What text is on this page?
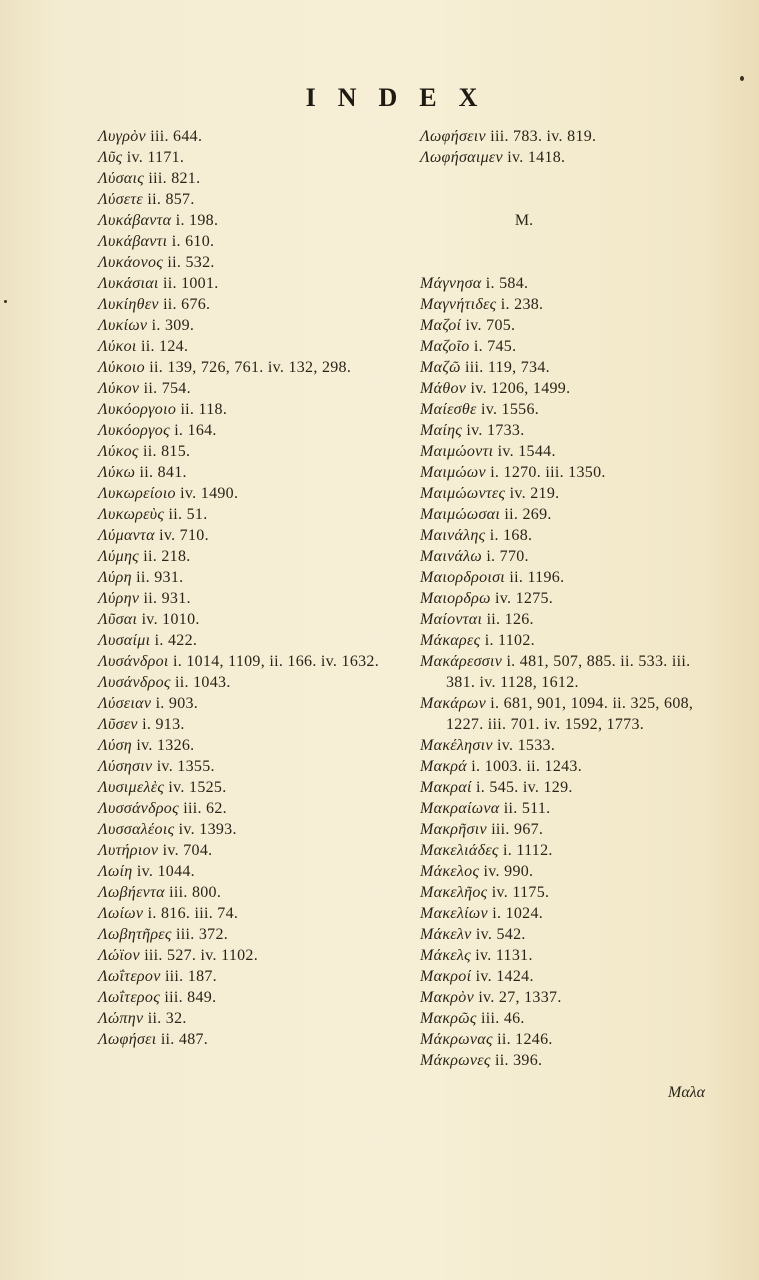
INDEX
Λυγρὸν iii. 644.
Λῦς iv. 1171.
Λύσαις iii. 821.
Λύσετε ii. 857.
Λυκάβαντα i. 198.
Λυκάβαντι i. 610.
Λυκάονος ii. 532.
Λυκάσιαι ii. 1001.
Λυκίηθεν ii. 676.
Λυκίων i. 309.
Λύκοι ii. 124.
Λύκοιο ii. 139, 726, 761. iv. 132, 298.
Λύκον ii. 754.
Λυκόοργοιο ii. 118.
Λυκόοργος i. 164.
Λύκος ii. 815.
Λύκω ii. 841.
Λυκωρείοιο iv. 1490.
Λυκωρεὺς ii. 51.
Λύμαντα iv. 710.
Λύμης ii. 218.
Λύρη ii. 931.
Λύρην ii. 931.
Λῦσαι iv. 1010.
Λυσαίμι i. 422.
Λυσάνδροι i. 1014, 1109, ii. 166. iv. 1632.
Λυσάνδρος ii. 1043.
Λύσειαν i. 903.
Λῦσεν i. 913.
Λύση iv. 1326.
Λύσησιν iv. 1355.
Λυσιμελὲς iv. 1525.
Λυσσάνδρος iii. 62.
Λυσσαλέοις iv. 1393.
Λυτήριον iv. 704.
Λωίη iv. 1044.
Λωβήεντα iii. 800.
Λωίων i. 816. iii. 74.
Λωβητῆρες iii. 372.
Λώϊον iii. 527. iv. 1102.
Λωΐτερον iii. 187.
Λωΐτερος iii. 849.
Λώπην ii. 32.
Λωφήσει ii. 487.
Λωφήσειν iii. 783. iv. 819.
Λωφήσαιμεν iv. 1418.
M.
Μάγνησα i. 584.
Μαγνήτιδες i. 238.
Μαζοί iv. 705.
Μαζοῖο i. 745.
Μαζῶ iii. 119, 734.
Μάθον iv. 1206, 1499.
Μαίεσθε iv. 1556.
Μαίης iv. 1733.
Μαιμώοντι iv. 1544.
Μαιμώων i. 1270. iii. 1350.
Μαιμώωντες iv. 219.
Μαιμώωσαι ii. 269.
Μαινάλης i. 168.
Μαινάλω i. 770.
Μαιορδροισι ii. 1196.
Μαιορδρω iv. 1275.
Μαίονται ii. 126.
Μάκαρες i. 1102.
Μακάρεσσιν i. 481, 507, 885. ii. 533. iii. 381. iv. 1128, 1612.
Μακάρων i. 681, 901, 1094. ii. 325, 608, 1227. iii. 701. iv. 1592, 1773.
Μακέλησιν iv. 1533.
Μακρά i. 1003. ii. 1243.
Μακραί i. 545. iv. 129.
Μακραίωνα ii. 511.
Μακρῆσιν iii. 967.
Μακελιάδες i. 1112.
Μάκελος iv. 990.
Μακελῆος iv. 1175.
Μακελίων i. 1024.
Μάκελν iv. 542.
Μάκελς iv. 1131.
Μακροί iv. 1424.
Μακρὸν iv. 27, 1337.
Μακρῶς iii. 46.
Μάκρωνας ii. 1246.
Μάκρωνες ii. 396.
Μαλα
